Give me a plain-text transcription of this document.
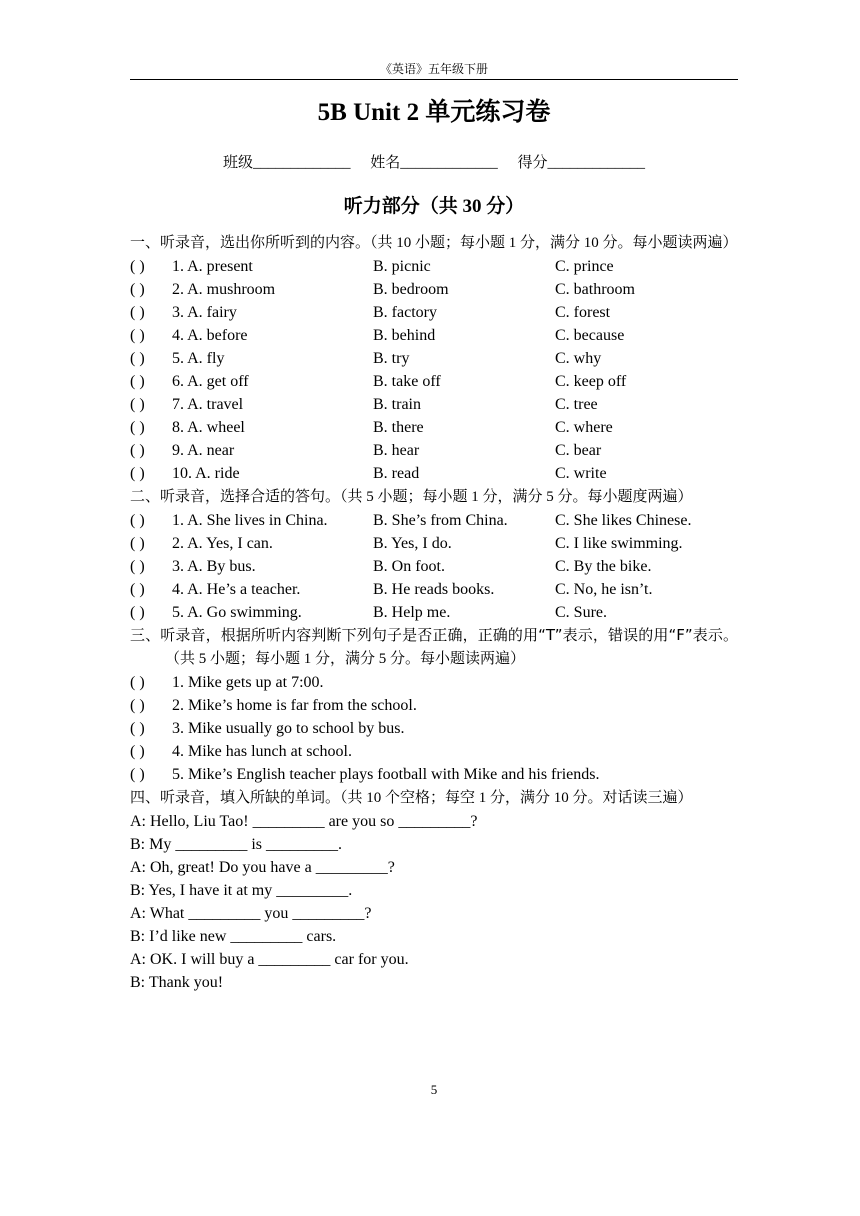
《英语》五年级下册
5B Unit 2 单元练习卷
班级_____________ 姓名_____________ 得分_____________
听力部分（共 30 分）
一、听录音，选出你所听到的内容。（共 10 小题；每小题 1 分，满分 10 分。每小题读两遍）
( ) 1. A. present	B. picnic	C. prince
( ) 2. A. mushroom	B. bedroom	C. bathroom
( ) 3. A. fairy	B. factory	C. forest
( ) 4. A. before	B. behind	C. because
( ) 5. A. fly	B. try	C. why
( ) 6. A. get off	B. take off	C. keep off
( ) 7. A. travel	B. train	C. tree
( ) 8. A. wheel	B. there	C. where
( ) 9. A. near	B. hear	C. bear
( ) 10. A. ride	B. read	C. write
二、听录音，选择合适的答句。（共 5 小题；每小题 1 分，满分 5 分。每小题度两遍）
( ) 1. A. She lives in China.	B. She’s from China.	C. She likes Chinese.
( ) 2. A. Yes, I can.	B. Yes, I do.	C. I like swimming.
( ) 3. A. By bus.	B. On foot.	C. By the bike.
( ) 4. A. He’s a teacher.	B. He reads books.	C. No, he isn’t.
( ) 5. A. Go swimming.	B. Help me.	C. Sure.
三、听录音，根据所听内容判断下列句子是否正确，正确的用“T”表示，错误的用“F”表示。（共 5 小题；每小题 1 分，满分 5 分。每小题读两遍）
( ) 1. Mike gets up at 7:00.
( ) 2. Mike’s home is far from the school.
( ) 3. Mike usually go to school by bus.
( ) 4. Mike has lunch at school.
( ) 5. Mike’s English teacher plays football with Mike and his friends.
四、听录音，填入所缺的单词。（共 10 个空格；每空 1 分，满分 10 分。对话读三遍）
A: Hello, Liu Tao! _________ are you so _________?
B: My _________ is _________.
A: Oh, great! Do you have a _________?
B: Yes, I have it at my _________.
A: What _________ you _________?
B: I’d like new _________ cars.
A: OK. I will buy a _________ car for you.
B: Thank you!
5
